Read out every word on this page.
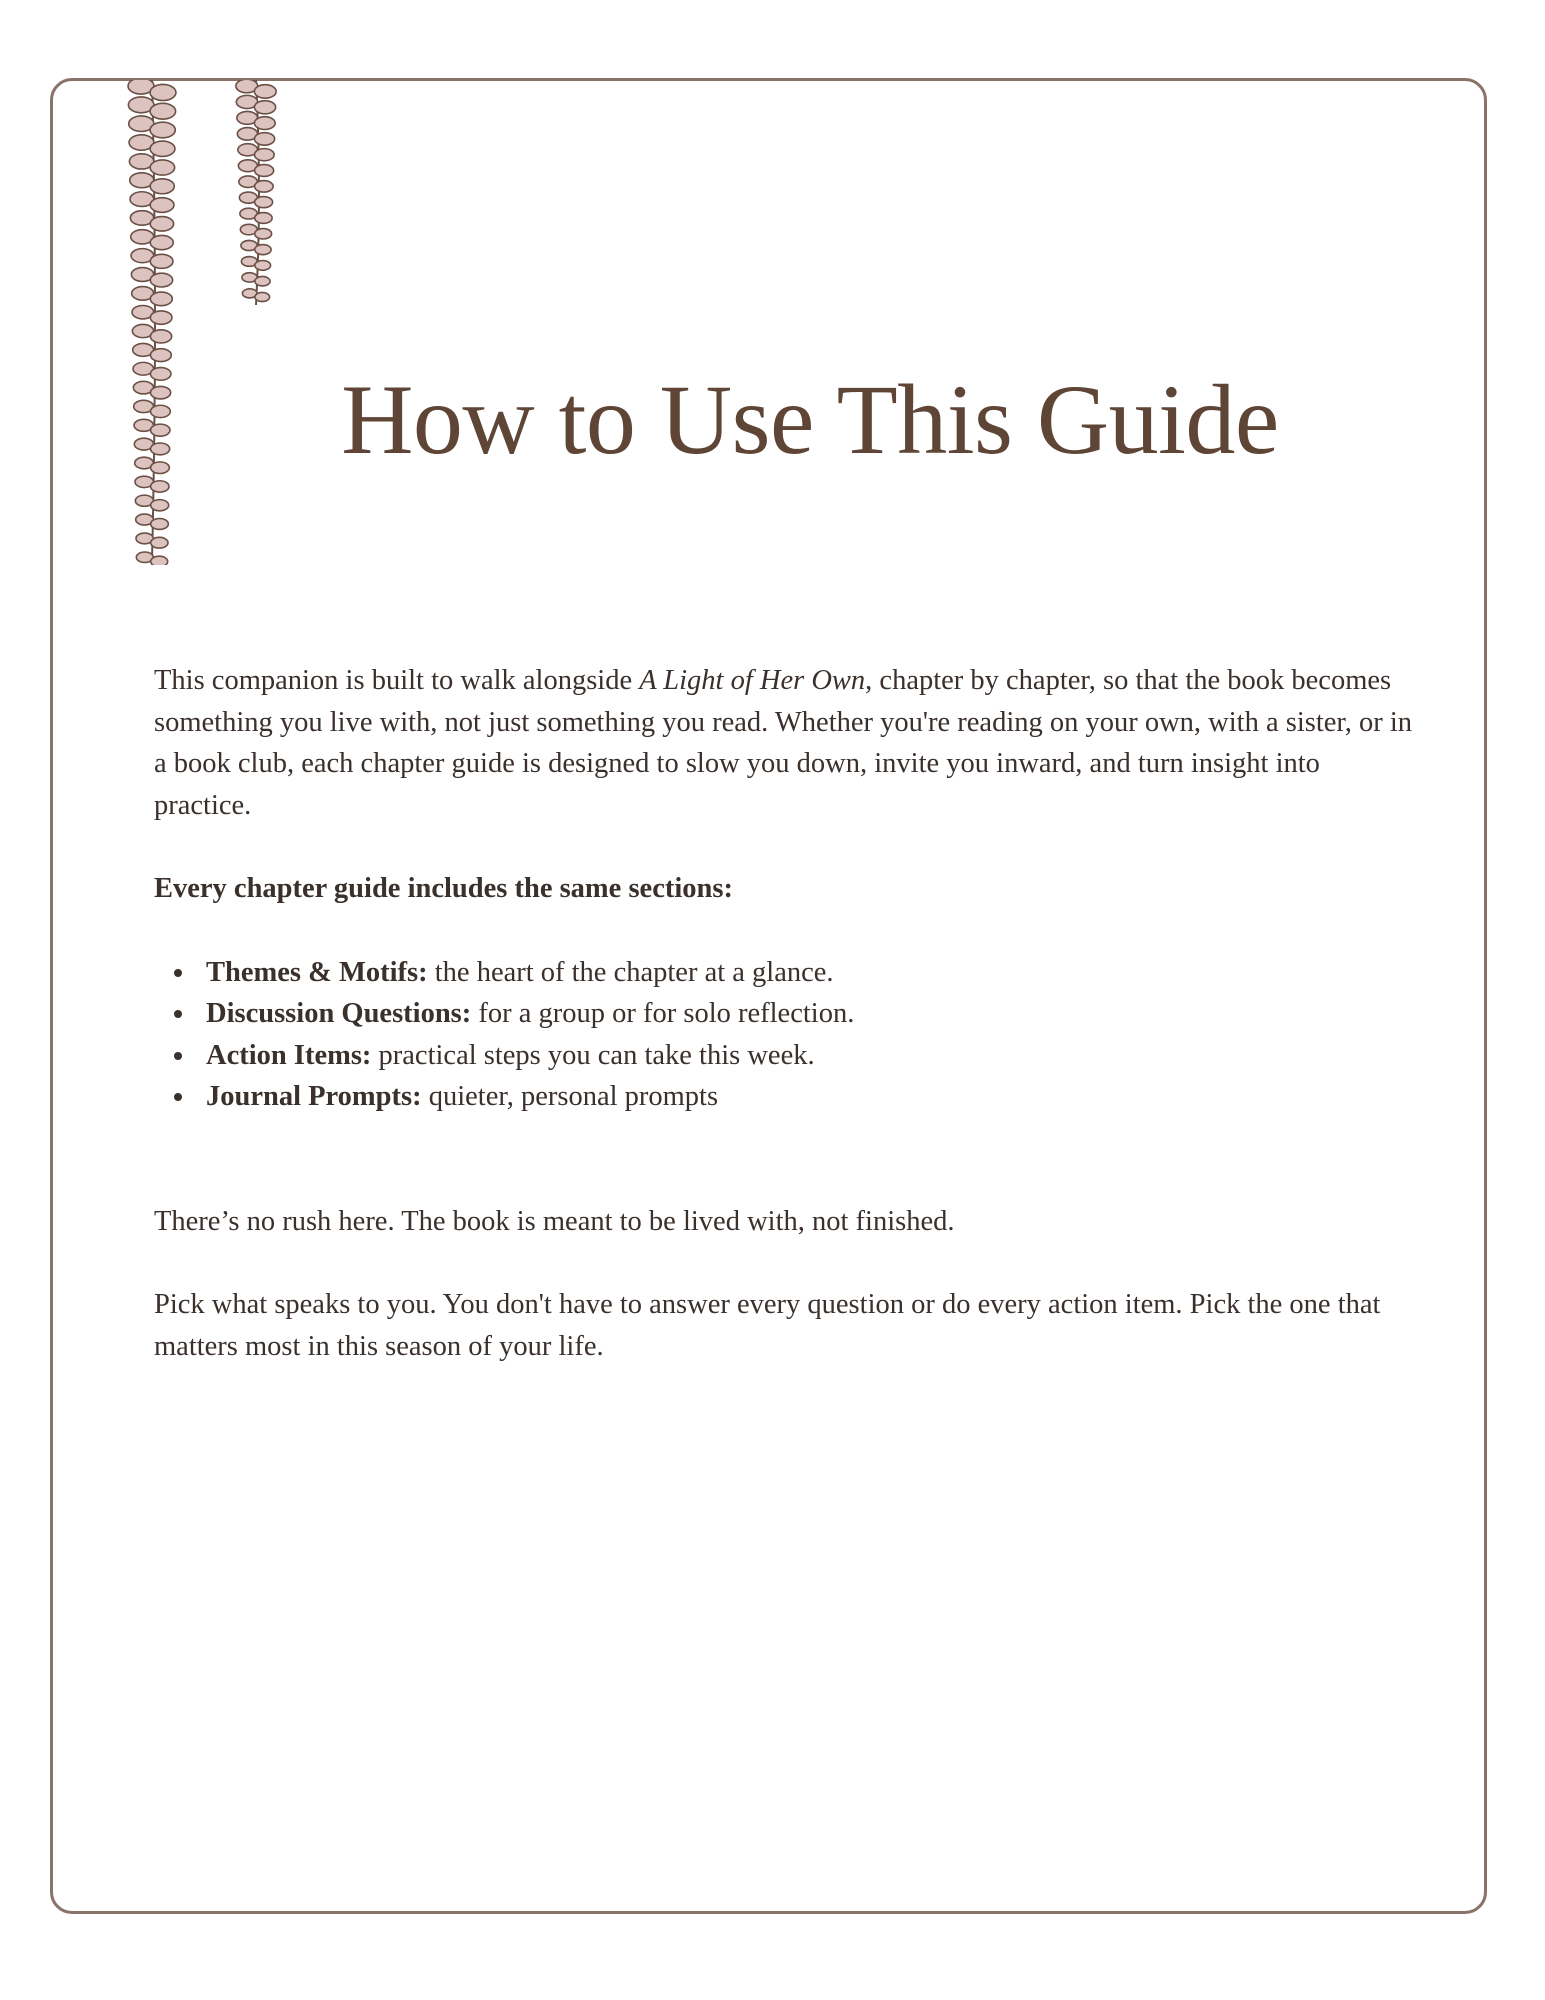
How to Use This Guide

This companion is built to walk alongside A Light of Her Own, chapter by chapter, so that the book becomes something you live with, not just something you read. Whether you're reading on your own, with a sister, or in a book club, each chapter guide is designed to slow you down, invite you inward, and turn insight into practice.

Every chapter guide includes the same sections:

Themes & Motifs: the heart of the chapter at a glance.
Discussion Questions: for a group or for solo reflection.
Action Items: practical steps you can take this week.
Journal Prompts: quieter, personal prompts

There’s no rush here. The book is meant to be lived with, not finished.

Pick what speaks to you. You don't have to answer every question or do every action item. Pick the one that matters most in this season of your life.
